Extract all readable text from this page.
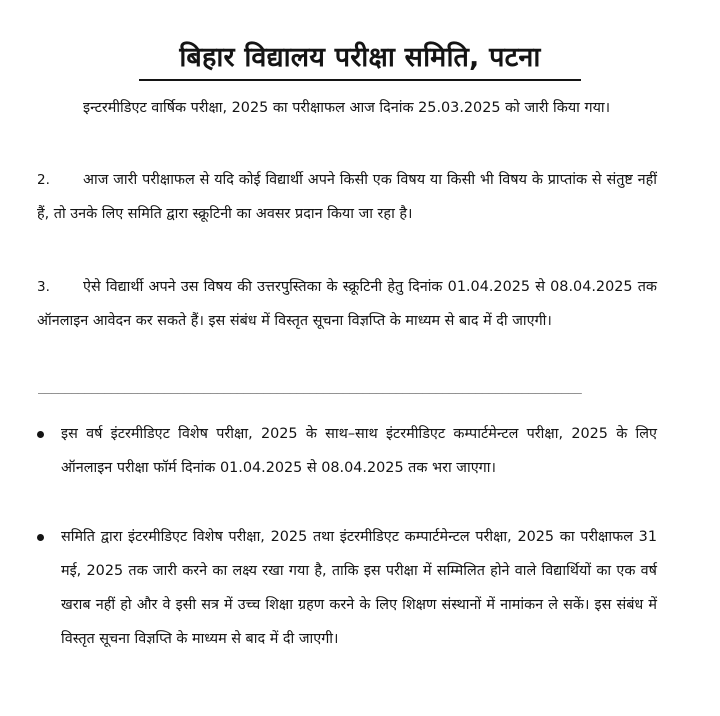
बिहार विद्यालय परीक्षा समिति, पटना

इन्टरमीडिएट वार्षिक परीक्षा, 2025 का परीक्षाफल आज दिनांक 25.03.2025 को जारी किया गया।

2. आज जारी परीक्षाफल से यदि कोई विद्यार्थी अपने किसी एक विषय या किसी भी विषय के प्राप्तांक से संतुष्ट नहीं हैं, तो उनके लिए समिति द्वारा स्क्रूटिनी का अवसर प्रदान किया जा रहा है।

3. ऐसे विद्यार्थी अपने उस विषय की उत्तरपुस्तिका के स्क्रूटिनी हेतु दिनांक 01.04.2025 से 08.04.2025 तक ऑनलाइन आवेदन कर सकते हैं। इस संबंध में विस्तृत सूचना विज्ञप्ति के माध्यम से बाद में दी जाएगी।

__________________________________________________________________________________

इस वर्ष इंटरमीडिएट विशेष परीक्षा, 2025 के साथ–साथ इंटरमीडिएट कम्पार्टमेन्टल परीक्षा, 2025 के लिए ऑनलाइन परीक्षा फॉर्म दिनांक 01.04.2025 से 08.04.2025 तक भरा जाएगा।

समिति द्वारा इंटरमीडिएट विशेष परीक्षा, 2025 तथा इंटरमीडिएट कम्पार्टमेन्टल परीक्षा, 2025 का परीक्षाफल 31 मई, 2025 तक जारी करने का लक्ष्य रखा गया है, ताकि इस परीक्षा में सम्मिलित होने वाले विद्यार्थियों का एक वर्ष खराब नहीं हो और वे इसी सत्र में उच्च शिक्षा ग्रहण करने के लिए शिक्षण संस्थानों में नामांकन ले सकें। इस संबंध में विस्तृत सूचना विज्ञप्ति के माध्यम से बाद में दी जाएगी।
